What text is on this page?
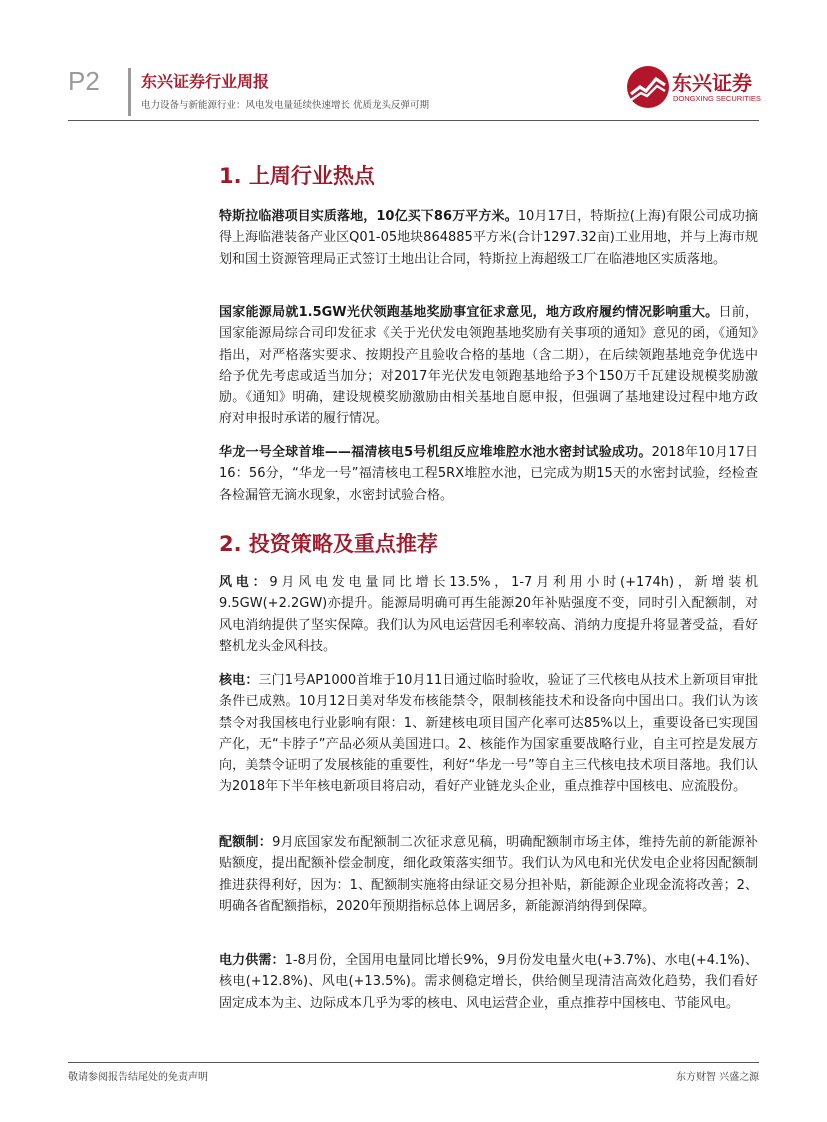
P2	东兴证券行业周报
电力设备与新能源行业：风电发电量延续快速增长 优质龙头反弹可期
东兴证券
DONGXING SECURITIES
1. 上周行业热点

特斯拉临港项目实质落地，10亿买下86万平方米。10月17日，特斯拉(上海)有限公司成功摘得上海临港装备产业区Q01-05地块864885平方米(合计1297.32亩)工业用地，并与上海市规划和国土资源管理局正式签订土地出让合同，特斯拉上海超级工厂在临港地区实质落地。

国家能源局就1.5GW光伏领跑基地奖励事宜征求意见，地方政府履约情况影响重大。日前，国家能源局综合司印发征求《关于光伏发电领跑基地奖励有关事项的通知》意见的函，《通知》指出，对严格落实要求、按期投产且验收合格的基地（含二期），在后续领跑基地竞争优选中给予优先考虑或适当加分；对2017年光伏发电领跑基地给予3个150万千瓦建设规模奖励激励。《通知》明确，建设规模奖励激励由相关基地自愿申报，但强调了基地建设过程中地方政府对申报时承诺的履行情况。

华龙一号全球首堆——福清核电5号机组反应堆堆腔水池水密封试验成功。2018年10月17日16：56分，“华龙一号”福清核电工程5RX堆腔水池，已完成为期15天的水密封试验，经检查各检漏管无滴水现象，水密封试验合格。

2. 投资策略及重点推荐

风电：9月风电发电量同比增长13.5%，1-7月利用小时(+174h)，新增装机9.5GW(+2.2GW)亦提升。能源局明确可再生能源20年补贴强度不变，同时引入配额制，对风电消纳提供了坚实保障。我们认为风电运营因毛利率较高、消纳力度提升将显著受益，看好整机龙头金风科技。

核电：三门1号AP1000首堆于10月11日通过临时验收，验证了三代核电从技术上新项目审批条件已成熟。10月12日美对华发布核能禁令，限制核能技术和设备向中国出口。我们认为该禁令对我国核电行业影响有限：1、新建核电项目国产化率可达85%以上，重要设备已实现国产化，无“卡脖子”产品必须从美国进口。2、核能作为国家重要战略行业，自主可控是发展方向，美禁令证明了发展核能的重要性，利好“华龙一号”等自主三代核电技术项目落地。我们认为2018年下半年核电新项目将启动，看好产业链龙头企业，重点推荐中国核电、应流股份。

配额制：9月底国家发布配额制二次征求意见稿，明确配额制市场主体，维持先前的新能源补贴额度，提出配额补偿金制度，细化政策落实细节。我们认为风电和光伏发电企业将因配额制推进获得利好，因为：1、配额制实施将由绿证交易分担补贴，新能源企业现金流将改善；2、明确各省配额指标，2020年预期指标总体上调居多，新能源消纳得到保障。

电力供需：1-8月份，全国用电量同比增长9%，9月份发电量火电(+3.7%)、水电(+4.1%)、核电(+12.8%)、风电(+13.5%)。需求侧稳定增长，供给侧呈现清洁高效化趋势，我们看好固定成本为主、边际成本几乎为零的核电、风电运营企业，重点推荐中国核电、节能风电。

敬请参阅报告结尾处的免责声明	东方财智 兴盛之源
